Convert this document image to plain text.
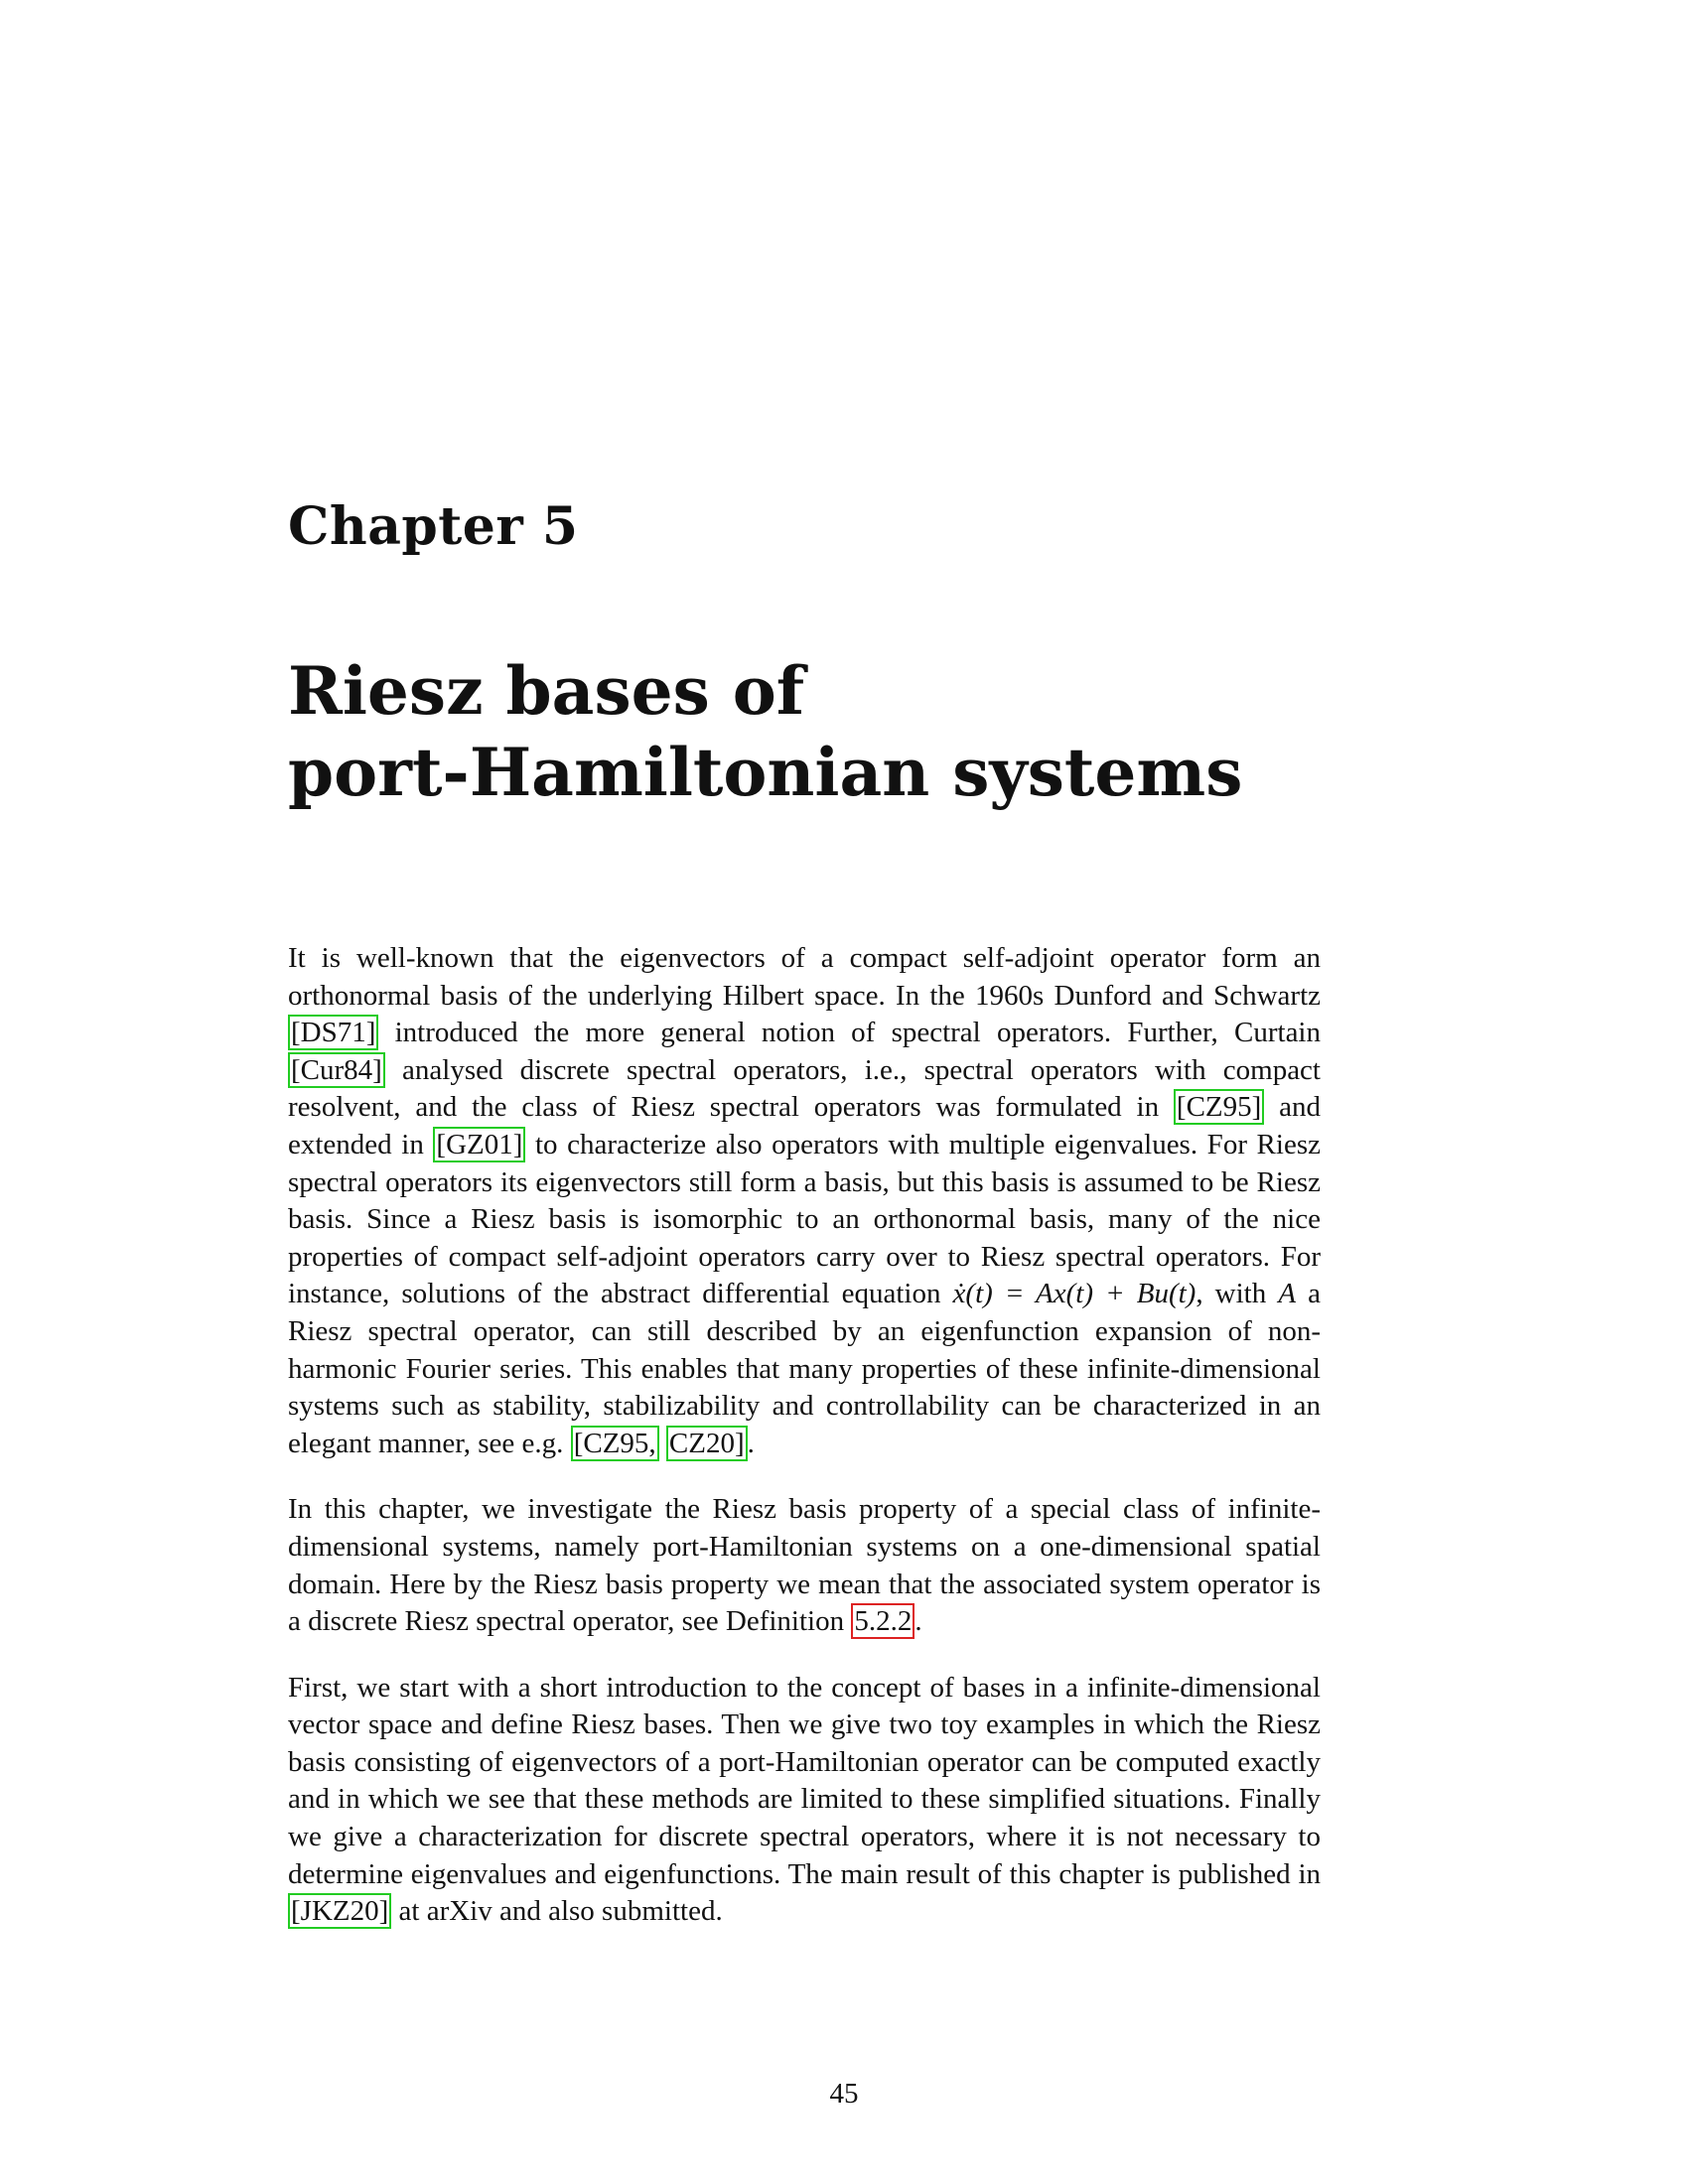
Chapter 5
Riesz bases of
port-Hamiltonian systems

It is well-known that the eigenvectors of a compact self-adjoint operator form an orthonormal basis of the underlying Hilbert space. In the 1960s Dunford and Schwartz [DS71] introduced the more general notion of spectral operators. Further, Curtain [Cur84] analysed discrete spectral operators, i.e., spectral operators with compact resolvent, and the class of Riesz spectral operators was formulated in [CZ95] and extended in [GZ01] to characterize also operators with multiple eigenvalues. For Riesz spectral operators its eigenvectors still form a basis, but this basis is assumed to be Riesz basis. Since a Riesz basis is isomorphic to an orthonormal basis, many of the nice properties of compact self-adjoint operators carry over to Riesz spectral operators. For instance, solutions of the abstract differential equation ẋ(t) = Ax(t) + Bu(t), with A a Riesz spectral operator, can still described by an eigenfunction expansion of non-harmonic Fourier series. This enables that many properties of these infinite-dimensional systems such as stability, stabilizability and controllability can be characterized in an elegant manner, see e.g. [CZ95, CZ20] .

In this chapter, we investigate the Riesz basis property of a special class of infinite-dimensional systems, namely port-Hamiltonian systems on a one-dimensional spatial domain. Here by the Riesz basis property we mean that the associated system operator is a discrete Riesz spectral operator, see Definition 5.2.2 .

First, we start with a short introduction to the concept of bases in a infinite-dimensional vector space and define Riesz bases. Then we give two toy examples in which the Riesz basis consisting of eigenvectors of a port-Hamiltonian operator can be computed exactly and in which we see that these methods are limited to these simplified situations. Finally we give a characterization for discrete spectral operators, where it is not necessary to determine eigenvalues and eigenfunctions. The main result of this chapter is published in [JKZ20] at arXiv and also submitted.

45
